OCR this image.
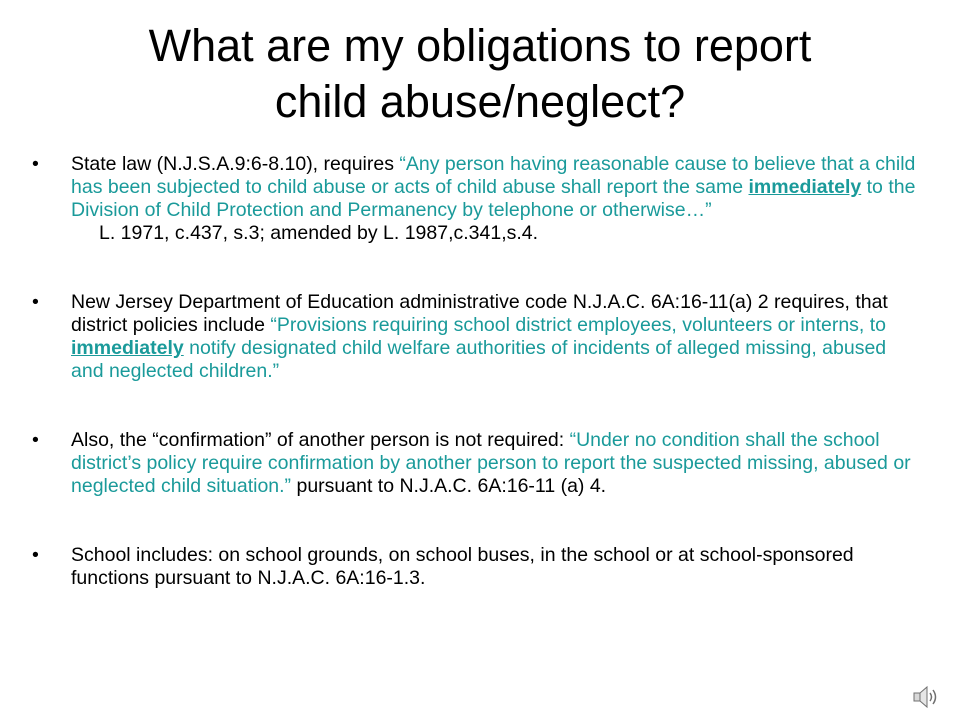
What are my obligations to report
child abuse/neglect?
• State law (N.J.S.A.9:6-8.10), requires “Any person having reasonable cause to believe that a child has been subjected to child abuse or acts of child abuse shall report the same immediately to the Division of Child Protection and Permanency by telephone or otherwise…”
L. 1971, c.437, s.3; amended by L. 1987,c.341,s.4.
• New Jersey Department of Education administrative code N.J.A.C. 6A:16-11(a) 2 requires, that district policies include “Provisions requiring school district employees, volunteers or interns, to immediately notify designated child welfare authorities of incidents of alleged missing, abused and neglected children.”
• Also, the “confirmation” of another person is not required: “Under no condition shall the school district’s policy require confirmation by another person to report the suspected missing, abused or neglected child situation.” pursuant to N.J.A.C. 6A:16-11 (a) 4.
• School includes: on school grounds, on school buses, in the school or at school-sponsored functions pursuant to N.J.A.C. 6A:16-1.3.
